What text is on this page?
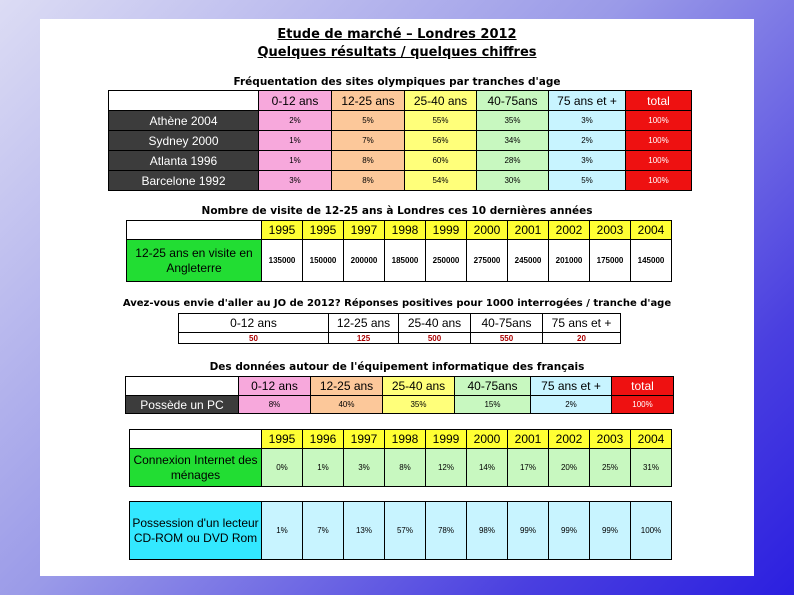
Etude de marché – Londres 2012
Quelques résultats / quelques chiffres
Fréquentation des sites olympiques par tranches d'age
	0-12 ans	12-25 ans	25-40 ans	40-75ans	75 ans et +	total
Athène 2004	2%	5%	55%	35%	3%	100%
Sydney 2000	1%	7%	56%	34%	2%	100%
Atlanta 1996	1%	8%	60%	28%	3%	100%
Barcelone 1992	3%	8%	54%	30%	5%	100%
Nombre de visite de 12-25 ans à Londres ces 10 dernières années
	1995	1995	1997	1998	1999	2000	2001	2002	2003	2004
12-25 ans en visite en Angleterre	135000	150000	200000	185000	250000	275000	245000	201000	175000	145000
Avez-vous envie d'aller au JO de 2012? Réponses positives pour 1000 interrogées / tranche d'age
0-12 ans	12-25 ans	25-40 ans	40-75ans	75 ans et +
50	125	500	550	20
Des données autour de l'équipement informatique des français
	0-12 ans	12-25 ans	25-40 ans	40-75ans	75 ans et +	total
Possède un PC	8%	40%	35%	15%	2%	100%
	1995	1996	1997	1998	1999	2000	2001	2002	2003	2004
Connexion Internet des ménages	0%	1%	3%	8%	12%	14%	17%	20%	25%	31%
Possession d'un lecteur CD-ROM ou DVD Rom	1%	7%	13%	57%	78%	98%	99%	99%	99%	100%
